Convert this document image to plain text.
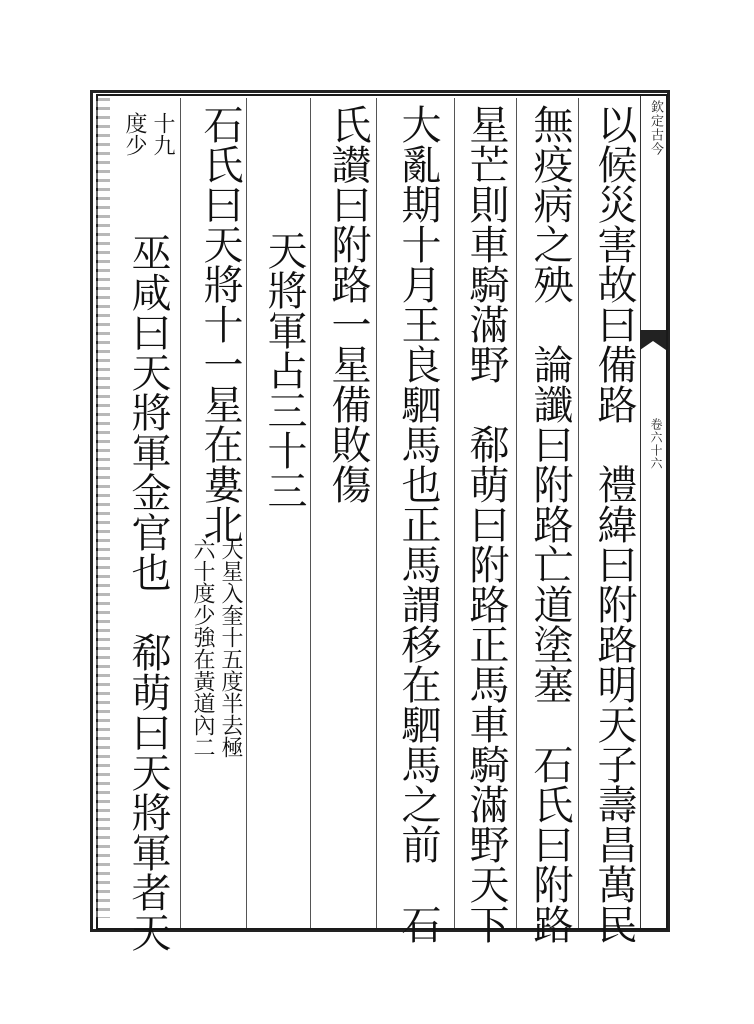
欽定古今
卷六十六
以候災害故曰備路　禮緯曰附路明天子壽昌萬民
無疫病之殃　論讖曰附路亡道塗塞　石氏曰附路
星芒則車騎滿野　郗萌曰附路正馬車騎滿野天下
大亂期十月王良駟馬也正馬謂移在駟馬之前　石
氏讃曰附路一星備敗傷
天將軍占三十三
石氏曰天將十一星在婁北
大星入奎十五度半去極
六十度少強在黃道內二
十九
度少
巫咸曰天將軍金官也　郗萌曰天將軍者天
